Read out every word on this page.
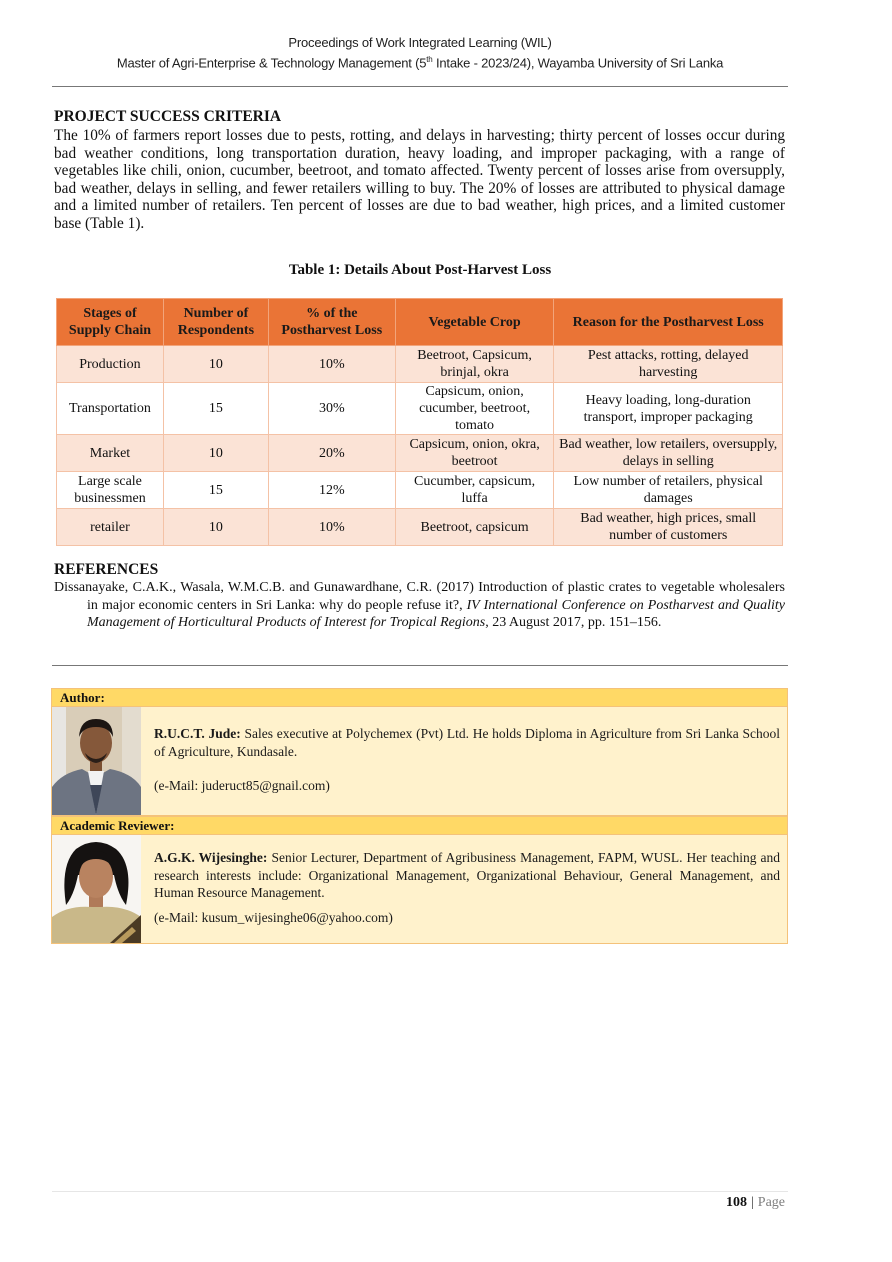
Proceedings of Work Integrated Learning (WIL)
Master of Agri-Enterprise & Technology Management (5th Intake - 2023/24), Wayamba University of Sri Lanka
PROJECT SUCCESS CRITERIA
The 10% of farmers report losses due to pests, rotting, and delays in harvesting; thirty percent of losses occur during bad weather conditions, long transportation duration, heavy loading, and improper packaging, with a range of vegetables like chili, onion, cucumber, beetroot, and tomato affected. Twenty percent of losses arise from oversupply, bad weather, delays in selling, and fewer retailers willing to buy. The 20% of losses are attributed to physical damage and a limited number of retailers. Ten percent of losses are due to bad weather, high prices, and a limited customer base (Table 1).
Table 1: Details About Post-Harvest Loss
Stages of Supply Chain	Number of Respondents	% of the Postharvest Loss	Vegetable Crop	Reason for the Postharvest Loss
Production	10	10%	Beetroot, Capsicum, brinjal, okra	Pest attacks, rotting, delayed harvesting
Transportation	15	30%	Capsicum, onion, cucumber, beetroot, tomato	Heavy loading, long-duration transport, improper packaging
Market	10	20%	Capsicum, onion, okra, beetroot	Bad weather, low retailers, oversupply, delays in selling
Large scale businessmen	15	12%	Cucumber, capsicum, luffa	Low number of retailers, physical damages
retailer	10	10%	Beetroot, capsicum	Bad weather, high prices, small number of customers
REFERENCES
Dissanayake, C.A.K., Wasala, W.M.C.B. and Gunawardhane, C.R. (2017) Introduction of plastic crates to vegetable wholesalers in major economic centers in Sri Lanka: why do people refuse it?, IV International Conference on Postharvest and Quality Management of Horticultural Products of Interest for Tropical Regions, 23 August 2017, pp. 151–156.
Author:
R.U.C.T. Jude: Sales executive at Polychemex (Pvt) Ltd. He holds Diploma in Agriculture from Sri Lanka School of Agriculture, Kundasale.
(e-Mail: juderuct85@gnail.com)
Academic Reviewer:
A.G.K. Wijesinghe: Senior Lecturer, Department of Agribusiness Management, FAPM, WUSL. Her teaching and research interests include: Organizational Management, Organizational Behaviour, General Management, and Human Resource Management.
(e-Mail: kusum_wijesinghe06@yahoo.com)
108 | Page
